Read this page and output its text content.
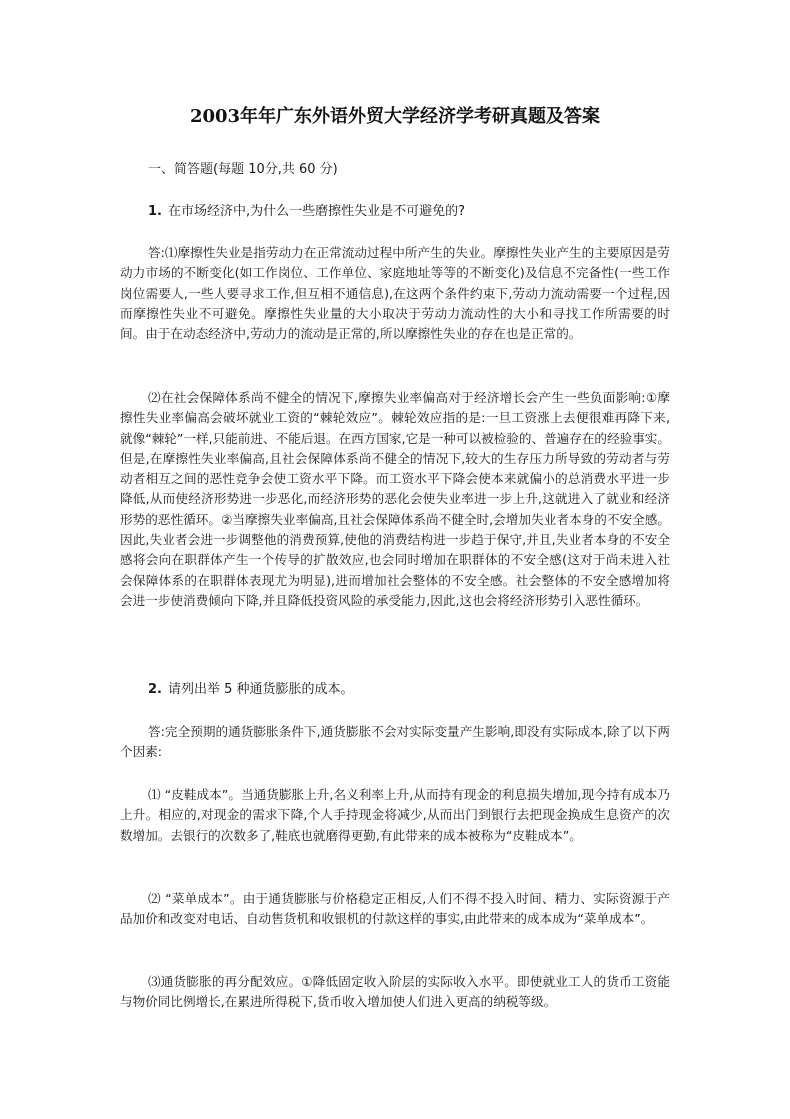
2003年年广东外语外贸大学经济学考研真题及答案

一、简答题(每题 10分,共 60 分)

1. 在市场经济中,为什么一些磨擦性失业是不可避免的?

答:⑴摩擦性失业是指劳动力在正常流动过程中所产生的失业。摩擦性失业产生的主要原因是劳动力市场的不断变化(如工作岗位、工作单位、家庭地址等等的不断变化)及信息不完备性(一些工作岗位需要人,一些人要寻求工作,但互相不通信息),在这两个条件约束下,劳动力流动需要一个过程,因而摩擦性失业不可避免。摩擦性失业量的大小取决于劳动力流动性的大小和寻找工作所需要的时间。由于在动态经济中,劳动力的流动是正常的,所以摩擦性失业的存在也是正常的。

⑵在社会保障体系尚不健全的情况下,摩擦失业率偏高对于经济增长会产生一些负面影响:①摩擦性失业率偏高会破坏就业工资的“棘轮效应”。棘轮效应指的是:一旦工资涨上去便很难再降下来,就像“棘轮”一样,只能前进、不能后退。在西方国家,它是一种可以被检验的、普遍存在的经验事实。但是,在摩擦性失业率偏高,且社会保障体系尚不健全的情况下,较大的生存压力所导致的劳动者与劳动者相互之间的恶性竞争会使工资水平下降。而工资水平下降会使本来就偏小的总消费水平进一步降低,从而使经济形势进一步恶化,而经济形势的恶化会使失业率进一步上升,这就进入了就业和经济形势的恶性循环。②当摩擦失业率偏高,且社会保障体系尚不健全时,会增加失业者本身的不安全感。因此,失业者会进一步调整他的消费预算,使他的消费结构进一步趋于保守,并且,失业者本身的不安全感将会向在职群体产生一个传导的扩散效应,也会同时增加在职群体的不安全感(这对于尚未进入社会保障体系的在职群体表现尤为明显),进而增加社会整体的不安全感。社会整体的不安全感增加将会进一步使消费倾向下降,并且降低投资风险的承受能力,因此,这也会将经济形势引入恶性循环。

2. 请列出举 5 种通货膨胀的成本。

答:完全预期的通货膨胀条件下,通货膨胀不会对实际变量产生影响,即没有实际成本,除了以下两个因素:

⑴ “皮鞋成本”。当通货膨胀上升,名义利率上升,从而持有现金的利息损失增加,现今持有成本乃上升。相应的,对现金的需求下降,个人手持现金将减少,从而出门到银行去把现金换成生息资产的次数增加。去银行的次数多了,鞋底也就磨得更勤,有此带来的成本被称为“皮鞋成本”。

⑵ “菜单成本”。由于通货膨胀与价格稳定正相反,人们不得不投入时间、精力、实际资源于产品加价和改变对电话、自动售货机和收银机的付款这样的事实,由此带来的成本成为“菜单成本”。

⑶通货膨胀的再分配效应。①降低固定收入阶层的实际收入水平。即使就业工人的货币工资能与物价同比例增长,在累进所得税下,货币收入增加使人们进入更高的纳税等级。
